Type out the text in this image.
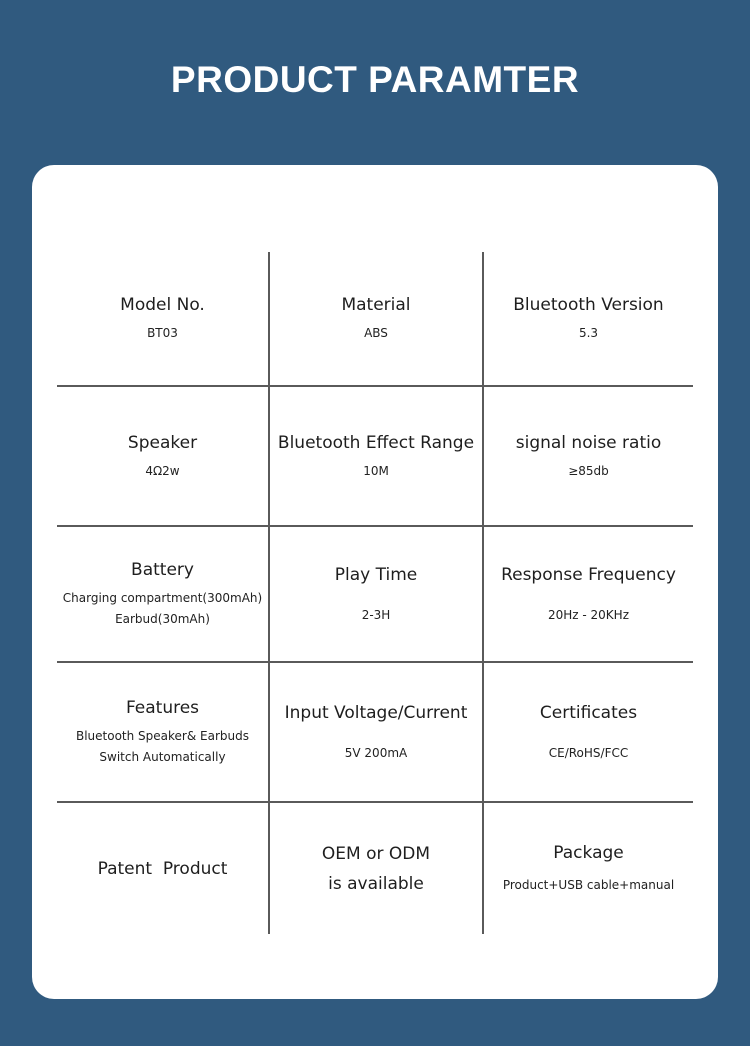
PRODUCT PARAMTER
Model No.
BT03
Material
ABS
Bluetooth Version
5.3
Speaker
4Ω2w
Bluetooth Effect Range
10M
signal noise ratio
≥85db
Battery
Charging compartment(300mAh)
Earbud(30mAh)
Play Time
2-3H
Response Frequency
20Hz - 20KHz
Features
Bluetooth Speaker& Earbuds
Switch Automatically
Input Voltage/Current
5V 200mA
Certificates
CE/RoHS/FCC
Patent  Product
OEM or ODM
is available
Package
Product+USB cable+manual
